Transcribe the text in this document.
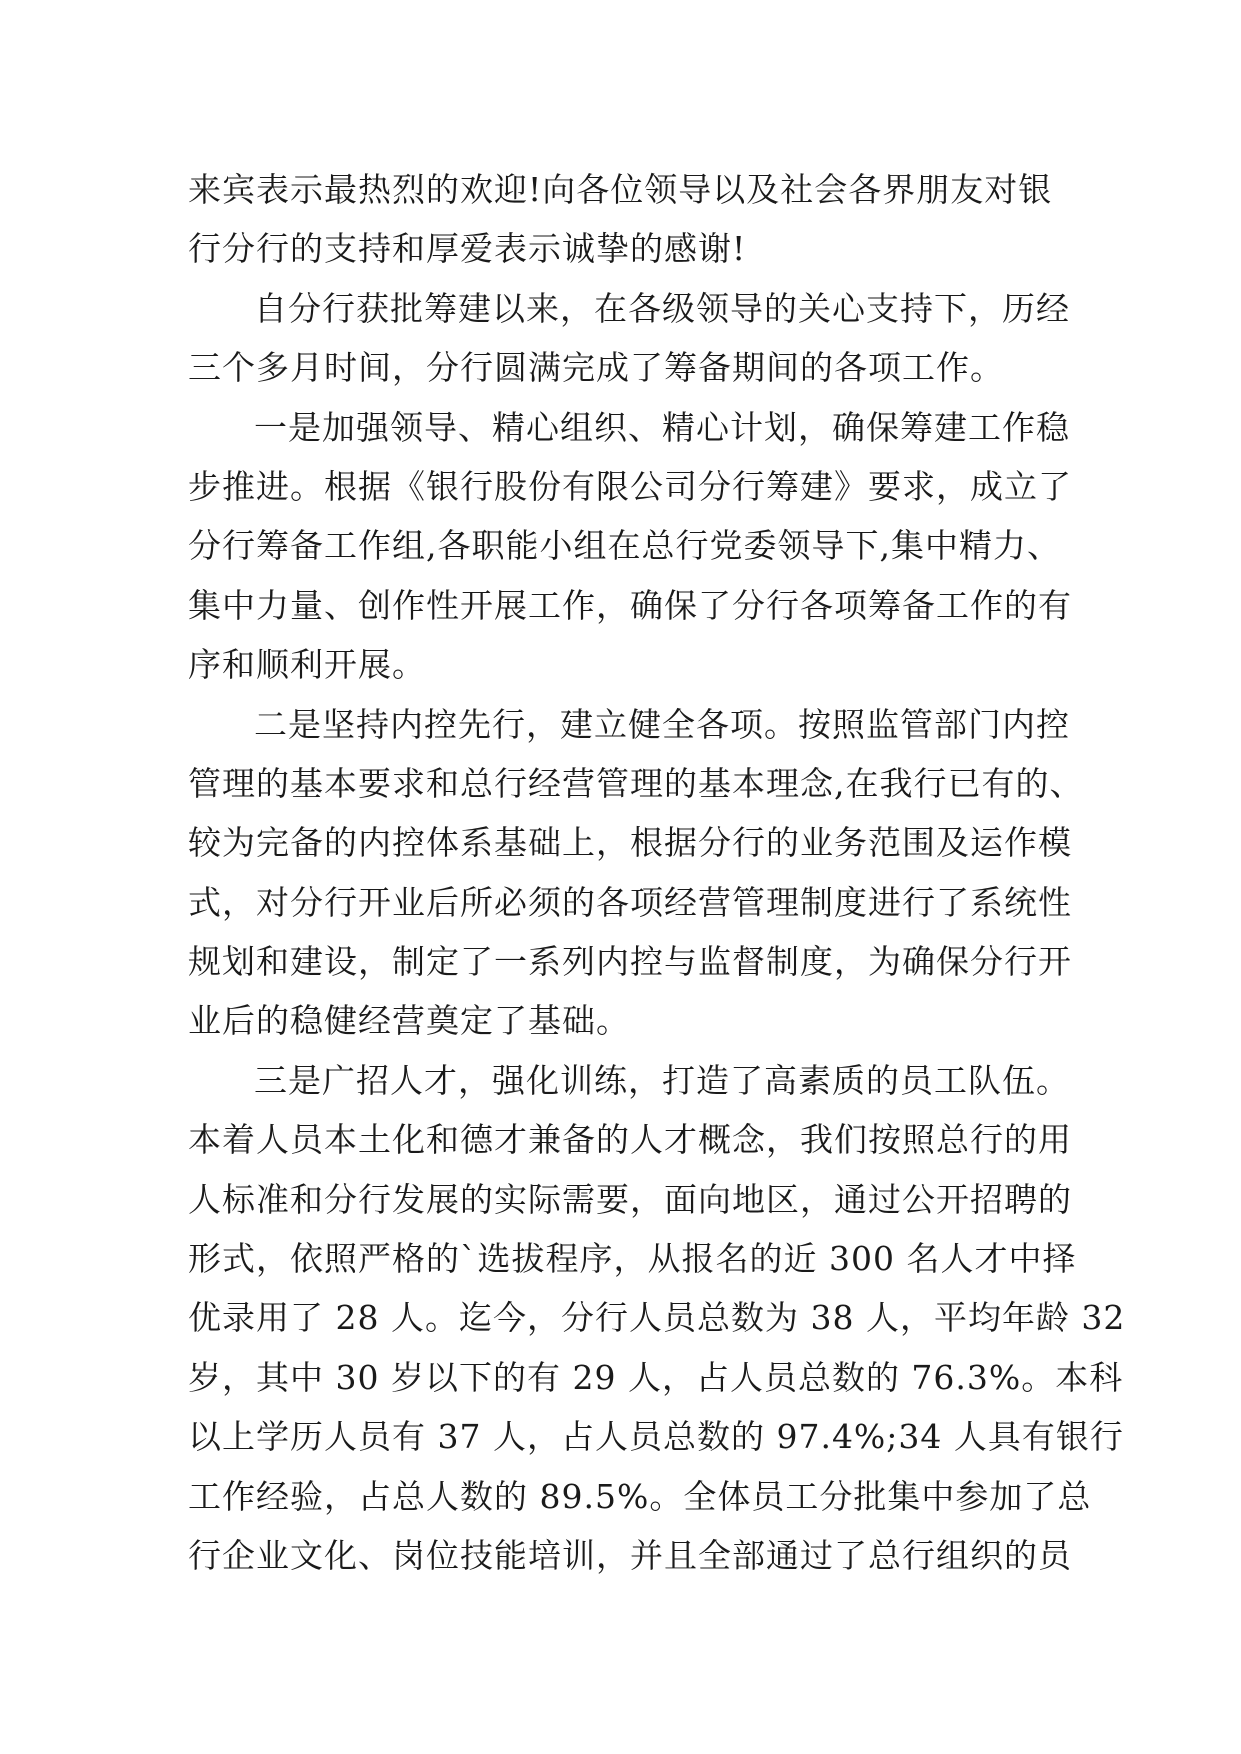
来宾表示最热烈的欢迎!向各位领导以及社会各界朋友对银
行分行的支持和厚爱表示诚挚的感谢!
自分行获批筹建以来，在各级领导的关心支持下，历经
三个多月时间，分行圆满完成了筹备期间的各项工作。
一是加强领导、精心组织、精心计划，确保筹建工作稳
步推进。根据《银行股份有限公司分行筹建》要求，成立了
分行筹备工作组,各职能小组在总行党委领导下,集中精力、
集中力量、创作性开展工作，确保了分行各项筹备工作的有
序和顺利开展。
二是坚持内控先行，建立健全各项。按照监管部门内控
管理的基本要求和总行经营管理的基本理念,在我行已有的、
较为完备的内控体系基础上，根据分行的业务范围及运作模
式，对分行开业后所必须的各项经营管理制度进行了系统性
规划和建设，制定了一系列内控与监督制度，为确保分行开
业后的稳健经营奠定了基础。
三是广招人才，强化训练，打造了高素质的员工队伍。
本着人员本土化和德才兼备的人才概念，我们按照总行的用
人标准和分行发展的实际需要，面向地区，通过公开招聘的
形式，依照严格的`选拔程序，从报名的近 300 名人才中择
优录用了 28 人。迄今，分行人员总数为 38 人，平均年龄 32
岁，其中 30 岁以下的有 29 人，占人员总数的 76.3%。本科
以上学历人员有 37 人，占人员总数的 97.4%;34 人具有银行
工作经验，占总人数的 89.5%。全体员工分批集中参加了总
行企业文化、岗位技能培训，并且全部通过了总行组织的员
